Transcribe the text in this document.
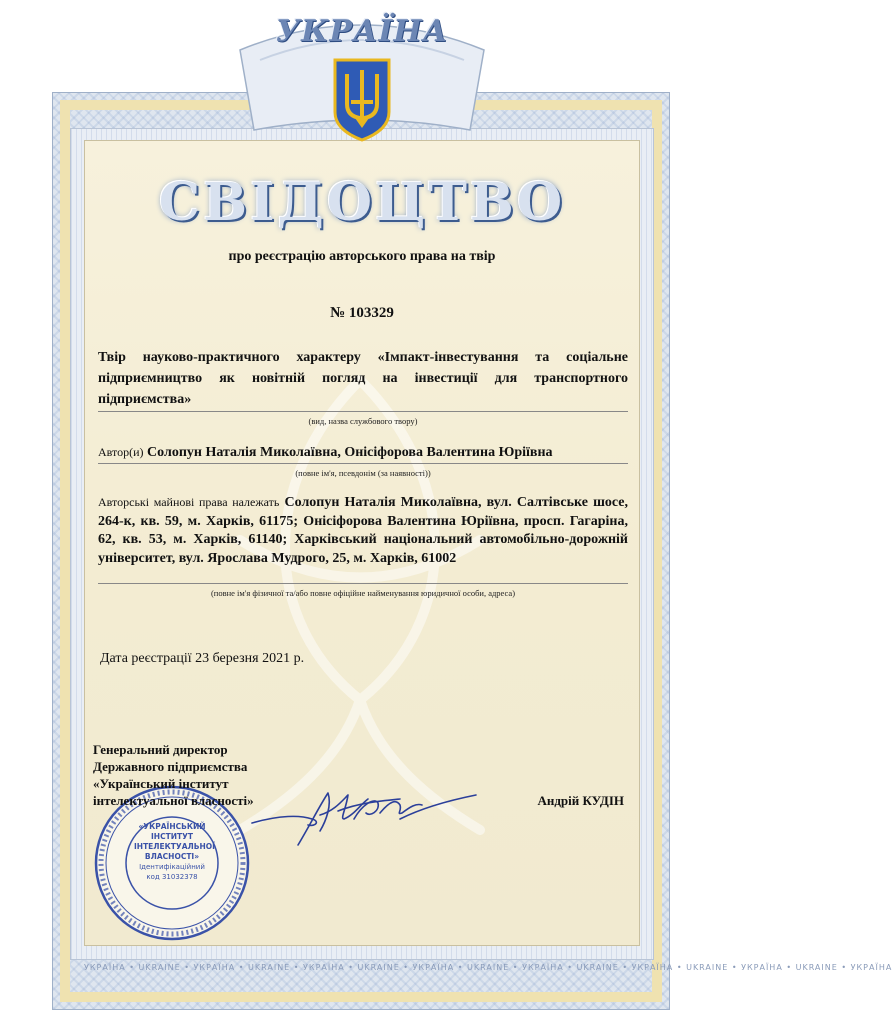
УКРАЇНА
СВІДОЦТВО
про реєстрацію авторського права на твір
№ 103329
Твір науково-практичного характеру «Імпакт-інвестування та соціальне підприємництво як новітній погляд на інвестиції для транспортного підприємства»
(вид, назва службового твору)
Автор(и) Солопун Наталія Миколаївна, Онісіфорова Валентина Юріївна
(повне ім'я, псевдонім (за наявності))
Авторські майнові права належать Солопун Наталія Миколаївна, вул. Салтівське шосе, 264-к, кв. 59, м. Харків, 61175; Онісіфорова Валентина Юріївна, просп. Гагаріна, 62, кв. 53, м. Харків, 61140; Харківський національний автомобільно-дорожній університет, вул. Ярослава Мудрого, 25, м. Харків, 61002
(повне ім'я фізичної та/або повне офіційне найменування юридичної особи, адреса)
Дата реєстрації 23 березня 2021 р.
«УКРАЇНСЬКИЙ
ІНСТИТУТ
ІНТЕЛЕКТУАЛЬНОЇ
ВЛАСНОСТІ»
Ідентифікаційний
код 31032378
Генеральний директор
Державного підприємства
«Український інститут
інтелектуальної власності»	Андрій КУДІН
УКРАЇНА • UKRAINE • УКРАЇНА • UKRAINE • УКРАЇНА • UKRAINE • УКРАЇНА • UKRAINE • УКРАЇНА • UKRAINE • УКРАЇНА • UKRAINE • УКРАЇНА • UKRAINE • УКРАЇНА
